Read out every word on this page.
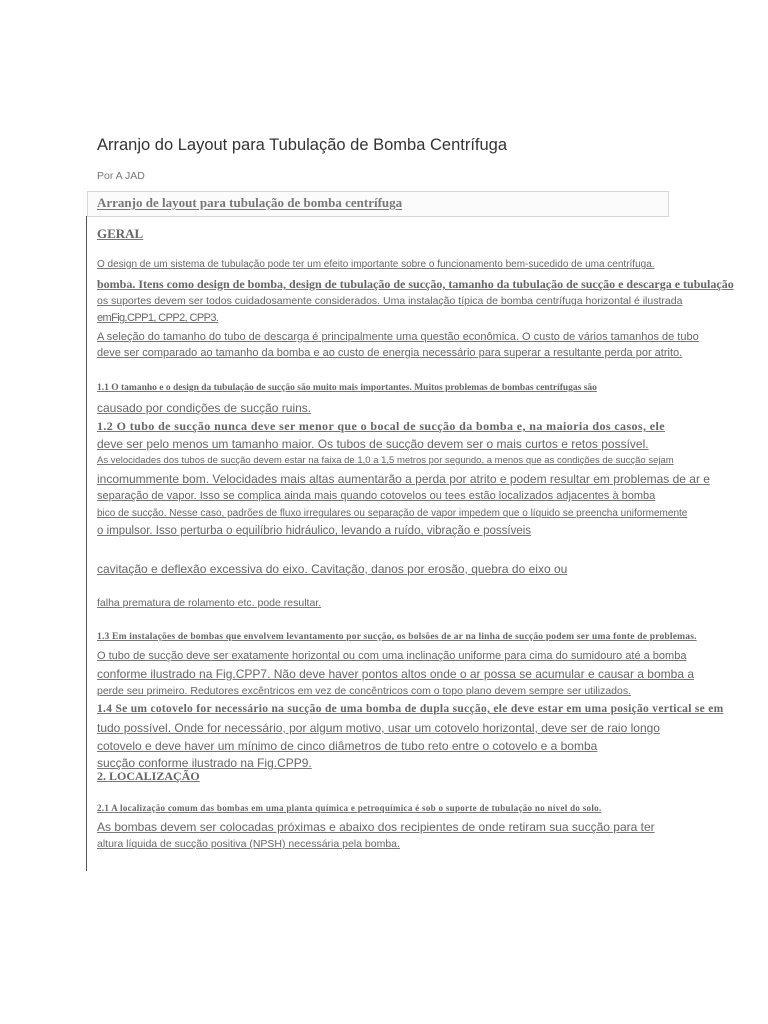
Arranjo do Layout para Tubulação de Bomba Centrífuga
Por A JAD
Arranjo de layout para tubulação de bomba centrífuga
GERAL
O design de um sistema de tubulação pode ter um efeito importante sobre o funcionamento bem-sucedido de uma centrífuga.
bomba. Itens como design de bomba, design de tubulação de sucção, tamanho da tubulação de sucção e descarga e tubulação
os suportes devem ser todos cuidadosamente considerados. Uma instalação típica de bomba centrífuga horizontal é ilustrada
emFig.CPP1, CPP2, CPP3.
A seleção do tamanho do tubo de descarga é principalmente uma questão econômica. O custo de vários tamanhos de tubo
deve ser comparado ao tamanho da bomba e ao custo de energia necessário para superar a resultante perda por atrito.
1.1 O tamanho e o design da tubulação de sucção são muito mais importantes. Muitos problemas de bombas centrífugas são
causado por condições de sucção ruins.
1.2 O tubo de sucção nunca deve ser menor que o bocal de sucção da bomba e, na maioria dos casos, ele
deve ser pelo menos um tamanho maior. Os tubos de sucção devem ser o mais curtos e retos possível.
As velocidades dos tubos de sucção devem estar na faixa de 1,0 a 1,5 metros por segundo, a menos que as condições de sucção sejam
incomummente bom. Velocidades mais altas aumentarão a perda por atrito e podem resultar em problemas de ar e
separação de vapor. Isso se complica ainda mais quando cotovelos ou tees estão localizados adjacentes à bomba
bico de sucção. Nesse caso, padrões de fluxo irregulares ou separação de vapor impedem que o líquido se preencha uniformemente
o impulsor. Isso perturba o equilíbrio hidráulico, levando a ruído, vibração e possíveis
cavitação e deflexão excessiva do eixo. Cavitação, danos por erosão, quebra do eixo ou
falha prematura de rolamento etc. pode resultar.
1.3 Em instalações de bombas que envolvem levantamento por sucção, os bolsões de ar na linha de sucção podem ser uma fonte de problemas.
O tubo de sucção deve ser exatamente horizontal ou com uma inclinação uniforme para cima do sumidouro até a bomba
conforme ilustrado na Fig.CPP7. Não deve haver pontos altos onde o ar possa se acumular e causar a bomba a
perde seu primeiro. Redutores excêntricos em vez de concêntricos com o topo plano devem sempre ser utilizados.
1.4 Se um cotovelo for necessário na sucção de uma bomba de dupla sucção, ele deve estar em uma posição vertical se em
tudo possível. Onde for necessário, por algum motivo, usar um cotovelo horizontal, deve ser de raio longo
cotovelo e deve haver um mínimo de cinco diâmetros de tubo reto entre o cotovelo e a bomba
sucção conforme ilustrado na Fig.CPP9.
2. LOCALIZAÇÃO
2.1 A localização comum das bombas em uma planta química e petroquímica é sob o suporte de tubulação no nível do solo.
As bombas devem ser colocadas próximas e abaixo dos recipientes de onde retiram sua sucção para ter
altura líquida de sucção positiva (NPSH) necessária pela bomba.
